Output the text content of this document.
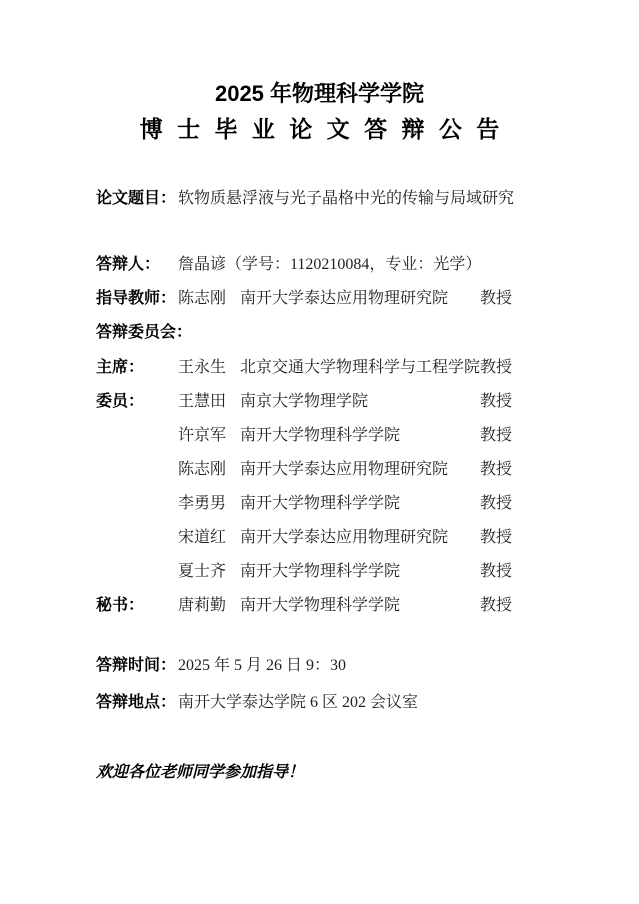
2025 年物理科学学院
博 士 毕 业 论 文 答 辩 公 告
论文题目： 软物质悬浮液与光子晶格中光的传输与局域研究
答辩人：	詹晶谚（学号：1120210084，专业：光学）
指导教师： 陈志刚 南开大学泰达应用物理研究院	教授
答辩委员会：
主席：	王永生 北京交通大学物理科学与工程学院 教授
委员：	王慧田 南京大学物理学院	教授
许京军 南开大学物理科学学院	教授
陈志刚 南开大学泰达应用物理研究院	教授
李勇男 南开大学物理科学学院	教授
宋道红 南开大学泰达应用物理研究院	教授
夏士齐 南开大学物理科学学院	教授
秘书：	唐莉勤 南开大学物理科学学院	教授
答辩时间： 2025 年 5 月 26 日 9：30
答辩地点： 南开大学泰达学院 6 区 202 会议室
欢迎各位老师同学参加指导！
